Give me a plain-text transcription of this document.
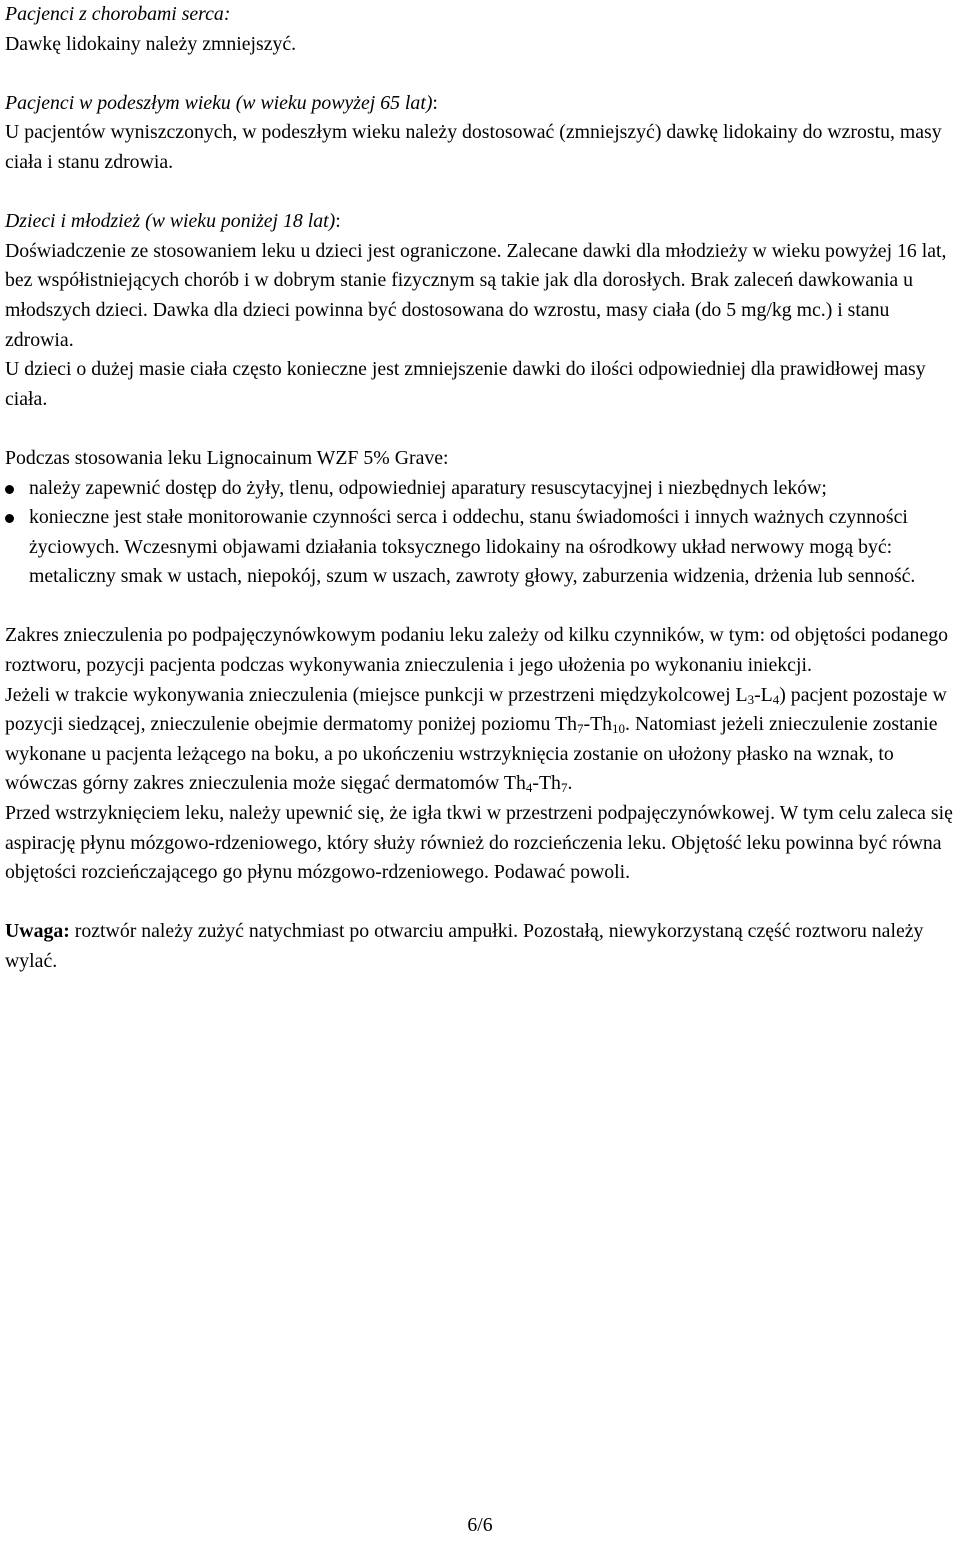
Pacjenci z chorobami serca:
Dawkę lidokainy należy zmniejszyć.

Pacjenci w podeszłym wieku (w wieku powyżej 65 lat):
U pacjentów wyniszczonych, w podeszłym wieku należy dostosować (zmniejszyć) dawkę lidokainy do wzrostu, masy ciała i stanu zdrowia.

Dzieci i młodzież (w wieku poniżej 18 lat):
Doświadczenie ze stosowaniem leku u dzieci jest ograniczone. Zalecane dawki dla młodzieży w wieku powyżej 16 lat, bez współistniejących chorób i w dobrym stanie fizycznym są takie jak dla dorosłych. Brak zaleceń dawkowania u młodszych dzieci. Dawka dla dzieci powinna być dostosowana do wzrostu, masy ciała (do 5 mg/kg mc.) i stanu zdrowia.
U dzieci o dużej masie ciała często konieczne jest zmniejszenie dawki do ilości odpowiedniej dla prawidłowej masy ciała.

Podczas stosowania leku Lignocainum WZF 5% Grave:

należy zapewnić dostęp do żyły, tlenu, odpowiedniej aparatury resuscytacyjnej i niezbędnych leków;
konieczne jest stałe monitorowanie czynności serca i oddechu, stanu świadomości i innych ważnych czynności życiowych. Wczesnymi objawami działania toksycznego lidokainy na ośrodkowy układ nerwowy mogą być: metaliczny smak w ustach, niepokój, szum w uszach, zawroty głowy, zaburzenia widzenia, drżenia lub senność.

Zakres znieczulenia po podpajęczynówkowym podaniu leku zależy od kilku czynników, w tym: od objętości podanego roztworu, pozycji pacjenta podczas wykonywania znieczulenia i jego ułożenia po wykonaniu iniekcji.
Jeżeli w trakcie wykonywania znieczulenia (miejsce punkcji w przestrzeni międzykolcowej $L_3-L_4$) pacjent pozostaje w pozycji siedzącej, znieczulenie obejmie dermatomy poniżej poziomu $Th_7-Th_{10}$. Natomiast jeżeli znieczulenie zostanie wykonane u pacjenta leżącego na boku, a po ukończeniu wstrzyknięcia zostanie on ułożony płasko na wznak, to wówczas górny zakres znieczulenia może sięgać dermatomów $Th_4-Th_7$.
Przed wstrzyknięciem leku, należy upewnić się, że igła tkwi w przestrzeni podpajęczynówkowej. W tym celu zaleca się aspirację płynu mózgowo-rdzeniowego, który służy również do rozcieńczenia leku. Objętość leku powinna być równa objętości rozcieńczającego go płynu mózgowo-rdzeniowego. Podawać powoli.

Uwaga: roztwór należy zużyć natychmiast po otwarciu ampułki. Pozostałą, niewykorzystaną część roztworu należy wylać.

6/6
